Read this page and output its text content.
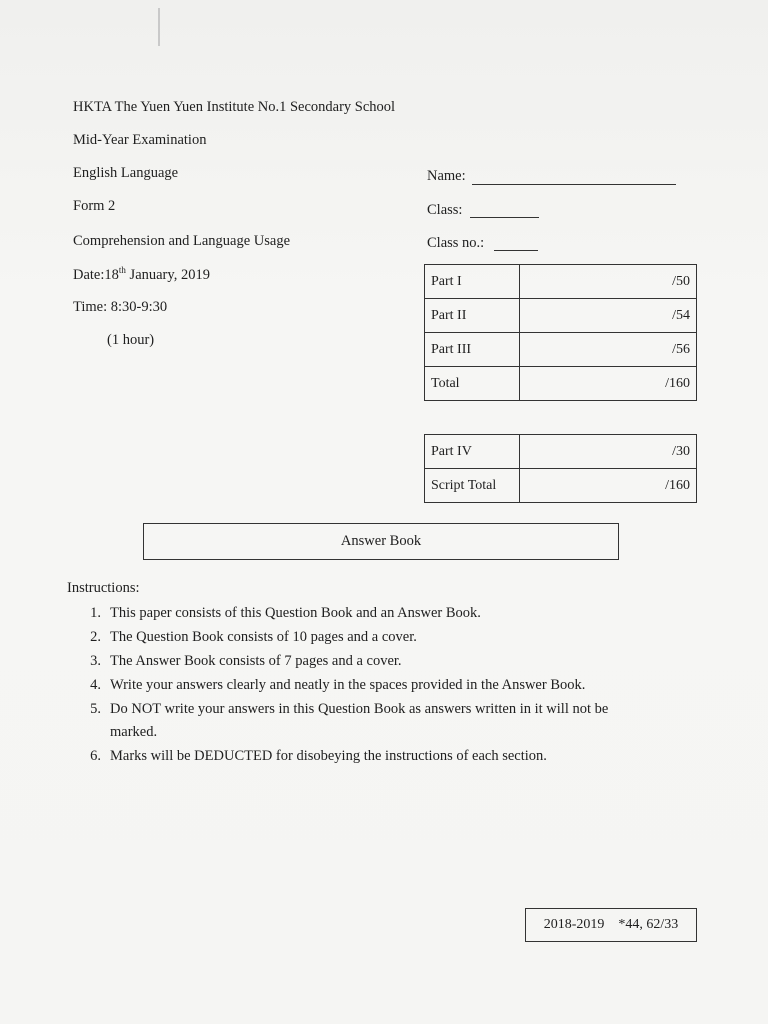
HKTA The Yuen Yuen Institute No.1 Secondary School
Mid-Year Examination
English Language
Form 2
Comprehension and Language Usage
Date:18th January, 2019
Time: 8:30-9:30
(1 hour)
Name:
Class:
Class no.:
Part I	/50
Part II	/54
Part III	/56
Total	/160
Part IV	/30
Script Total	/160
Answer Book
Instructions:
1. This paper consists of this Question Book and an Answer Book.
2. The Question Book consists of 10 pages and a cover.
3. The Answer Book consists of 7 pages and a cover.
4. Write your answers clearly and neatly in the spaces provided in the Answer Book.
5. Do NOT write your answers in this Question Book as answers written in it will not be
marked.
6. Marks will be DEDUCTED for disobeying the instructions of each section.
2018-2019 *44, 62/33
